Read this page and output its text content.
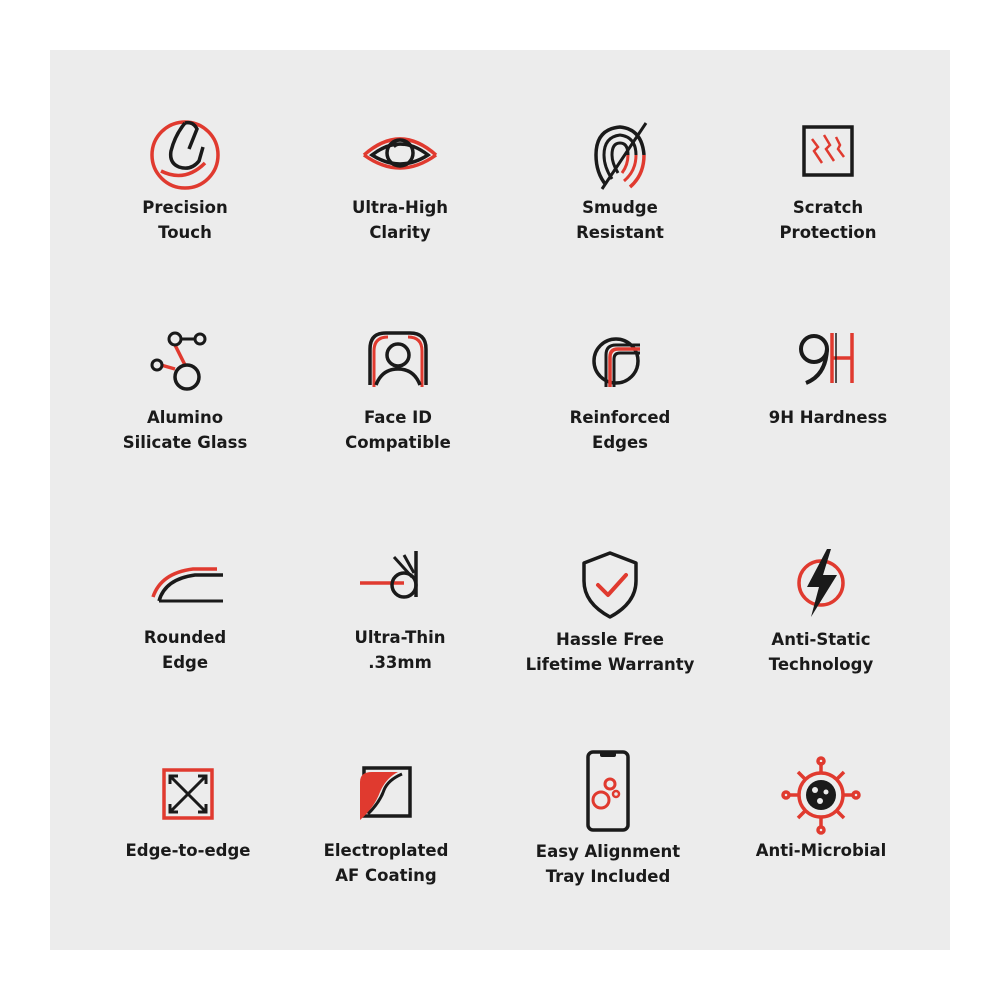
Precision
Touch
Ultra-High
Clarity
Smudge
Resistant
Scratch
Protection
Alumino
Silicate Glass
Face ID
Compatible
Reinforced
Edges
9H Hardness
Rounded
Edge
Ultra-Thin
.33mm
Hassle Free
Lifetime Warranty
Anti-Static
Technology
Edge-to-edge	Electroplated
AF Coating
Easy Alignment
Tray Included
Anti-Microbial
